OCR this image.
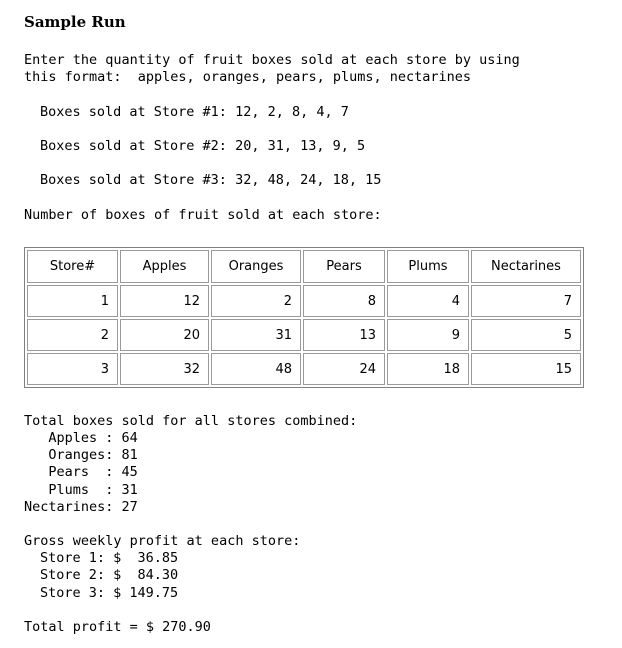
Sample Run
Enter the quantity of fruit boxes sold at each store by using
this format:  apples, oranges, pears, plums, nectarines
Boxes sold at Store #1: 12, 2, 8, 4, 7
Boxes sold at Store #2: 20, 31, 13, 9, 5
Boxes sold at Store #3: 32, 48, 24, 18, 15
Number of boxes of fruit sold at each store:
Store#	Apples	Oranges	Pears	Plums	Nectarines
1	12	2	8	4	7
2	20	31	13	9	5
3	32	48	24	18	15
Total boxes sold for all stores combined:
Apples : 64
Oranges: 81
Pears  : 45
Plums  : 31
Nectarines: 27
Gross weekly profit at each store:
Store 1: $  36.85
Store 2: $  84.30
Store 3: $ 149.75
Total profit = $ 270.90
